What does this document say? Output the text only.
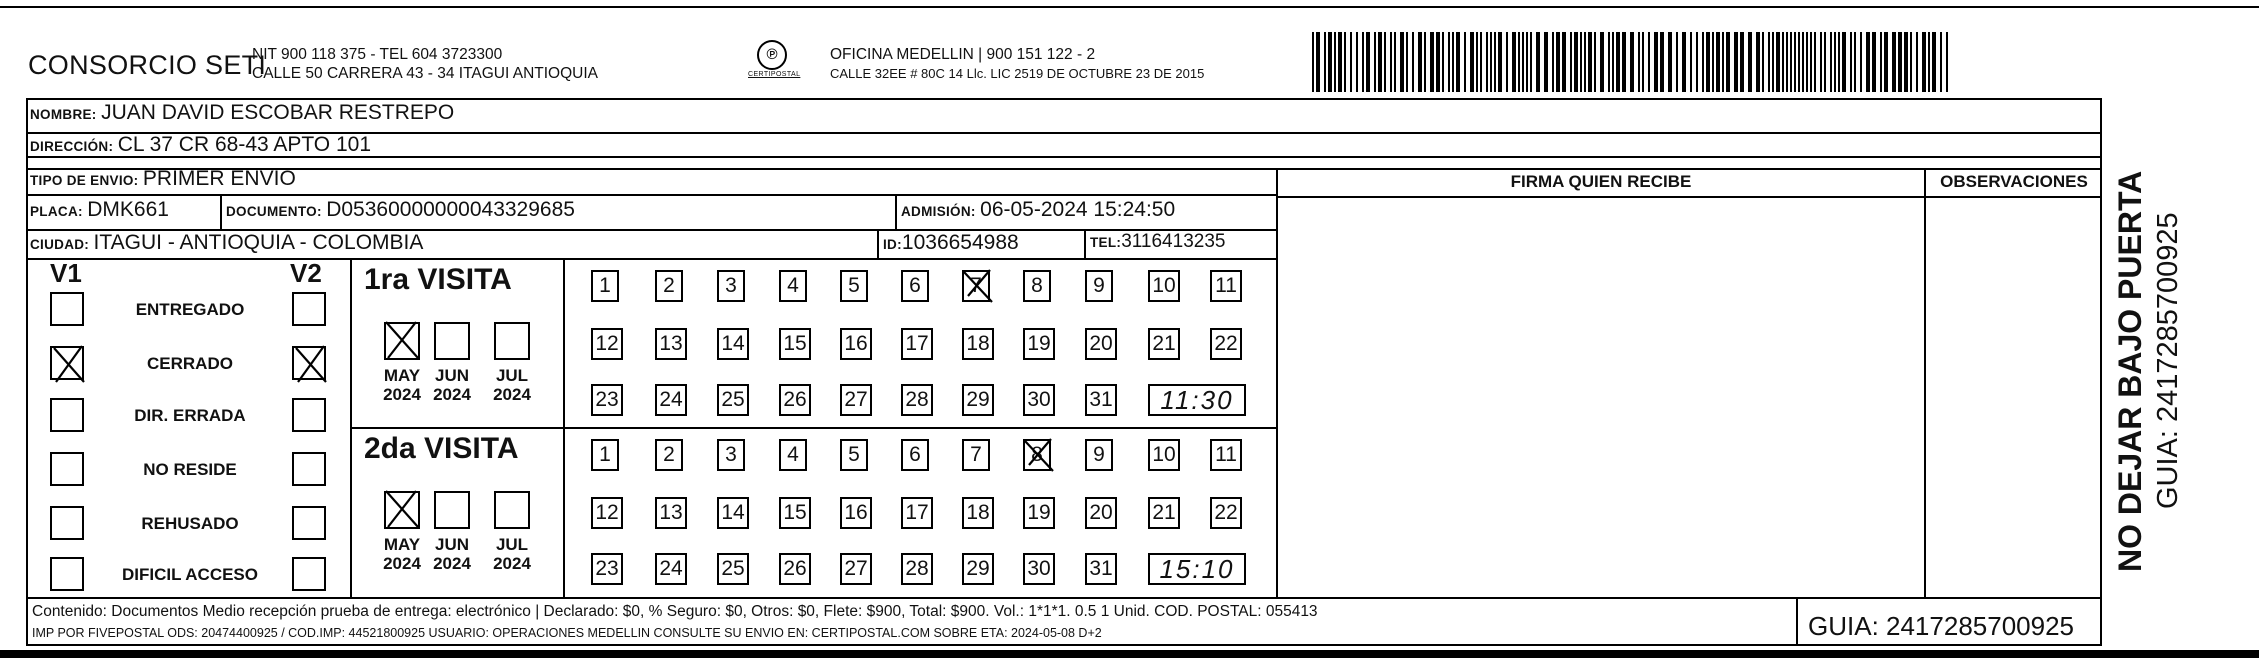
CONSORCIO SETI
NIT 900 118 375 - TEL 604 3723300
CALLE 50 CARRERA 43 - 34 ITAGUI ANTIOQUIA
℗
CERTIPOSTAL
OFICINA MEDELLIN | 900 151 122 - 2
CALLE 32EE # 80C 14 Llc. LIC 2519 DE OCTUBRE 23 DE 2015
NOMBRE: JUAN DAVID ESCOBAR RESTREPO
DIRECCIÓN: CL 37 CR 68-43 APTO 101
TIPO DE ENVIO: PRIMER ENVIO
PLACA: DMK661	DOCUMENTO: D05360000000043329685	ADMISIÓN: 06-05-2024 15:24:50
CIUDAD: ITAGUI - ANTIOQUIA - COLOMBIA	ID:1036654988	TEL:3116413235
FIRMA QUIEN RECIBE	OBSERVACIONES
V1	V2
ENTREGADO
CERRADO
DIR. ERRADA
NO RESIDE
REHUSADO
DIFICIL ACCESO
1ra VISITA
MAY
2024
JUN
2024
JUL
2024
1	2	3	4	5	6	7	8	9	10 11
12 13 14 15 16 17 18 19 20 21 22
23 24 25 26 27 28 29 30 31	11:30
2da VISITA
MAY
2024
JUN
2024
JUL
2024
1	2	3	4	5	6	7	8	9	10 11
12 13 14 15 16 17 18 19 20 21 22
23 24 25 26 27 28 29 30 31	15:10
Contenido: Documentos Medio recepción prueba de entrega: electrónico | Declarado: $0, % Seguro: $0, Otros: $0, Flete: $900, Total: $900. Vol.: 1*1*1. 0.5 1 Unid. COD. POSTAL: 055413
IMP POR FIVEPOSTAL ODS: 20474400925 / COD.IMP: 44521800925 USUARIO: OPERACIONES MEDELLIN CONSULTE SU ENVIO EN: CERTIPOSTAL.COM SOBRE ETA: 2024-05-08 D+2	GUIA: 2417285700925
NO DEJAR BAJO PUERTA GUIA: 2417285700925
